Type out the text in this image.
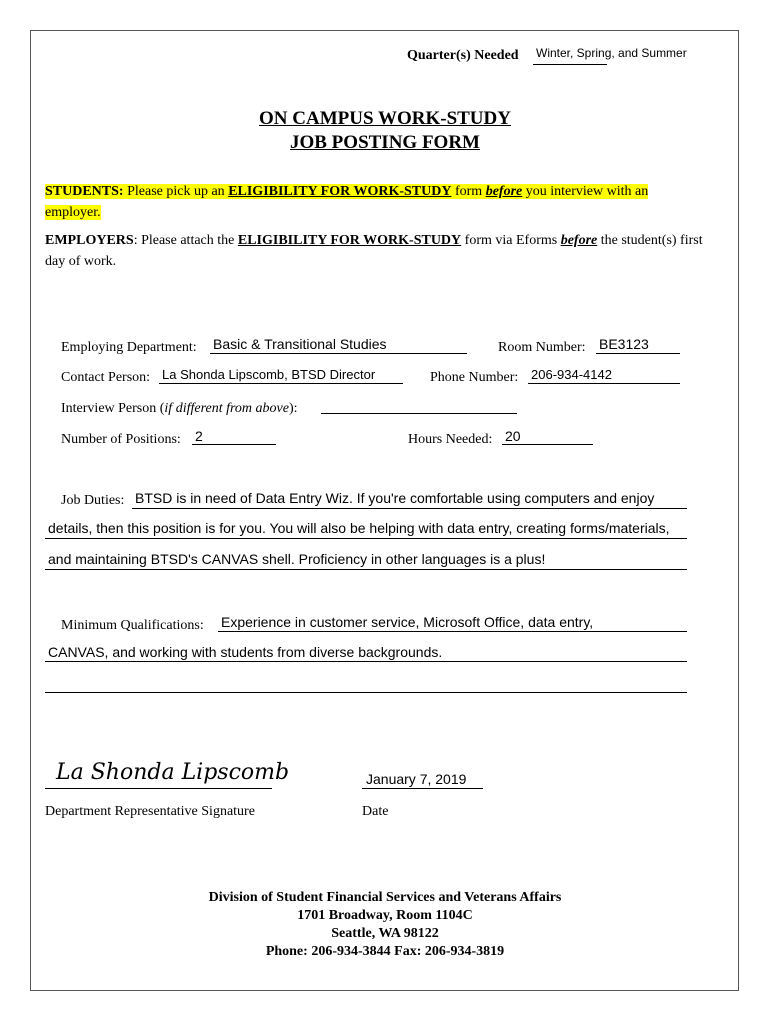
Quarter(s) Needed Winter, Spring, and Summer
ON CAMPUS WORK-STUDY
JOB POSTING FORM
STUDENTS: Please pick up an ELIGIBILITY FOR WORK-STUDY form before you interview with an employer.
EMPLOYERS: Please attach the ELIGIBILITY FOR WORK-STUDY form via Eforms before the student(s) first day of work.
Employing Department: Basic & Transitional Studies	Room Number: BE3123
Contact Person: La Shonda Lipscomb, BTSD Director	Phone Number: 206-934-4142
Interview Person (if different from above):
Number of Positions: 2	Hours Needed: 20
Job Duties: BTSD is in need of Data Entry Wiz. If you're comfortable using computers and enjoy
details, then this position is for you. You will also be helping with data entry, creating forms/materials,
and maintaining BTSD's CANVAS shell. Proficiency in other languages is a plus!
Minimum Qualifications: Experience in customer service, Microsoft Office, data entry,
CANVAS, and working with students from diverse backgrounds.
La Shonda Lipscomb
Department Representative Signature
January 7, 2019
Date
Division of Student Financial Services and Veterans Affairs
1701 Broadway, Room 1104C
Seattle, WA 98122
Phone: 206-934-3844 Fax: 206-934-3819
